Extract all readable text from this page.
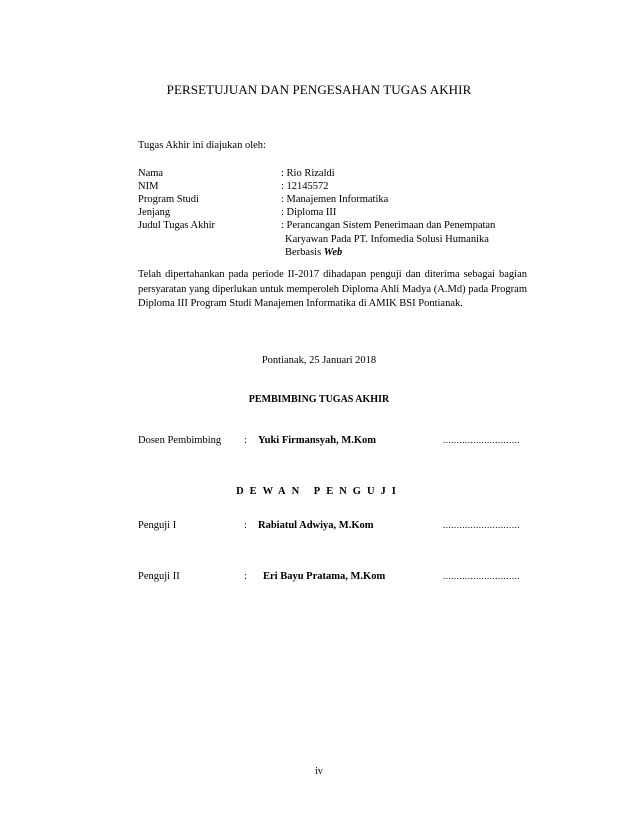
PERSETUJUAN DAN PENGESAHAN TUGAS AKHIR
Tugas Akhir ini diajukan oleh:
Nama	: Rio Rizaldi
NIM	: 12145572
Program Studi	: Manajemen Informatika
Jenjang	: Diploma III
Judul Tugas Akhir	: Perancangan Sistem Penerimaan dan Penempatan
Karyawan Pada PT. Infomedia Solusi Humanika
Berbasis Web
Telah dipertahankan pada periode II-2017 dihadapan penguji dan diterima sebagai bagian persyaratan yang diperlukan untuk memperoleh Diploma Ahli Madya (A.Md) pada Program Diploma III Program Studi Manajemen Informatika di AMIK BSI Pontianak.
Pontianak, 25 Januari 2018
PEMBIMBING TUGAS AKHIR
Dosen Pembimbing : Yuki Firmansyah, M.Kom	............................
DEWAN PENGUJI
Penguji I	: Rabiatul Adwiya, M.Kom	............................
Penguji II	: Eri Bayu Pratama, M.Kom	............................
iv
